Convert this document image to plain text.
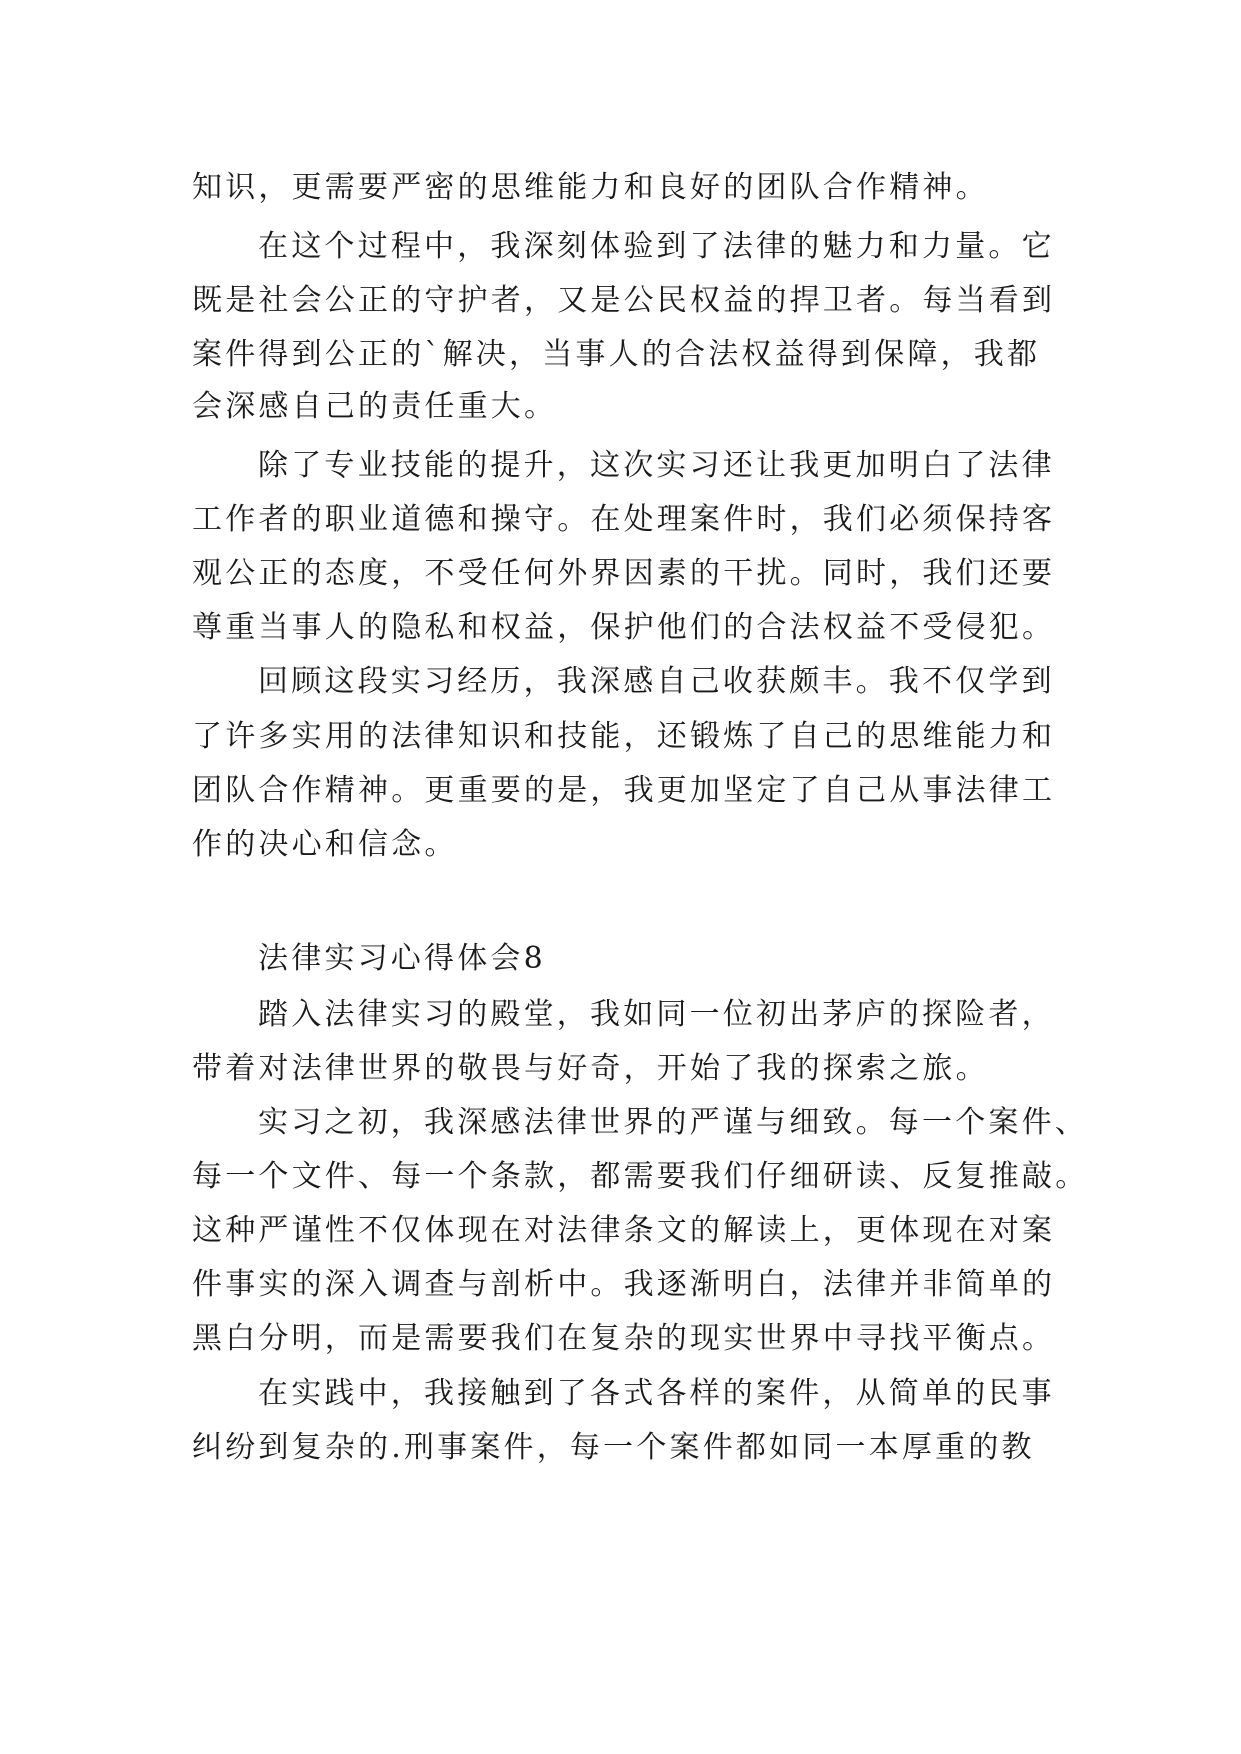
知识，更需要严密的思维能力和良好的团队合作精神。
在这个过程中，我深刻体验到了法律的魅力和力量。它
既是社会公正的守护者，又是公民权益的捍卫者。每当看到
案件得到公正的`解决，当事人的合法权益得到保障，我都
会深感自己的责任重大。
除了专业技能的提升，这次实习还让我更加明白了法律
工作者的职业道德和操守。在处理案件时，我们必须保持客
观公正的态度，不受任何外界因素的干扰。同时，我们还要
尊重当事人的隐私和权益，保护他们的合法权益不受侵犯。
回顾这段实习经历，我深感自己收获颇丰。我不仅学到
了许多实用的法律知识和技能，还锻炼了自己的思维能力和
团队合作精神。更重要的是，我更加坚定了自己从事法律工
作的决心和信念。
法律实习心得体会8
踏入法律实习的殿堂，我如同一位初出茅庐的探险者，
带着对法律世界的敬畏与好奇，开始了我的探索之旅。
实习之初，我深感法律世界的严谨与细致。每一个案件、
每一个文件、每一个条款，都需要我们仔细研读、反复推敲。
这种严谨性不仅体现在对法律条文的解读上，更体现在对案
件事实的深入调查与剖析中。我逐渐明白，法律并非简单的
黑白分明，而是需要我们在复杂的现实世界中寻找平衡点。
在实践中，我接触到了各式各样的案件，从简单的民事
纠纷到复杂的.刑事案件，每一个案件都如同一本厚重的教
